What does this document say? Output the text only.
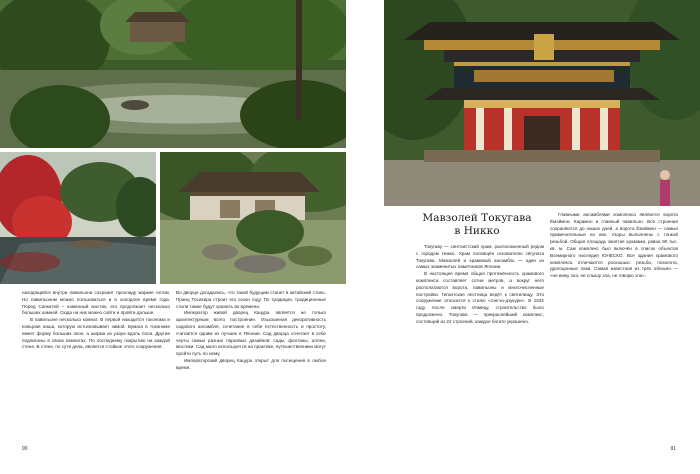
находящейся внутри павильона сохранит прохладу жаркие летом. Но павильоном можно пользоваться и в холодное время года. Перед Синкитей – каменный мостик, его продолжает несколько больших камней. Сюда на них можно сойти и пройти дальше.
В павильоне несколько комнат. В первой находится токонома и изящная ниша, которую истолковывает зимой. Бумага в токономе имеет форму больших окон, а ширма из узора вдоль пола. Другие подписаны в своих комнатах. По последнему покрытию на каждой стене. В стене, по сути дела, является стойкое этого сооружения.
Во дворце догадались, что такой будущим станет в китайский стиль. Принц Тосихира строит его сезон году. По традиции, традиционные стили также будут хранить во времени.
Император живой дворец Кацура является не только архитектурным всего построение. Изысканная декоративность садового ансамбля, сочетание в себе естественность и простоту, считается одним из лучших в Японии. Сад дворца сочетает в себе черты самых разных парковых дизайнов: сады, фонтаны, аллеи, мостики. Сад мало используется на практике, путешественники могут пройти путь по нему.
Императорский дворец Кацура открыт для посещения в любое время.
90
Мавзолей Токугава в Никко
Токугаву — синтоистский храм, расположенный рядом с городом Никко. Храм посвящён основателю сёгуната Токугава. Мавзолей и храмовый ансамбль — один из самых знаменитых памятников Японии.
В настоящее время общая протяжённость храмового комплекса составляет сотни метров, а вокруг него располагаются ворота, павильоны и многочисленные постройки. Гигантская лестница ведёт к святилищу. Это сооружение относится к стилю «гонгэн-дзукури». В 1632 году, после смерти Иэмицу, строительство было продолжено. Токугава — прекраснейший комплекс, состоящий из 22 строений, каждое богато украшено.
Главными ансамблями комплекса являются ворота Ёмэймон, Карамон и главный павильон. Все строения сохраняются до наших дней, а ворота Ёмэймон — самые примечательные из них. Узоры выполнены с тонкой резьбой. Общая площадь занятая храмами, равна 90 тыс. кв. м. Сам комплекс был включён в список объектов Всемирного наследия ЮНЕСКО. Все здания храмового комплекса отличаются роскошью: резьба, позолота, драгоценные лаки. Самая известная из трёх обезьян — «не вижу зла, не слышу зла, не говорю зла».
91
